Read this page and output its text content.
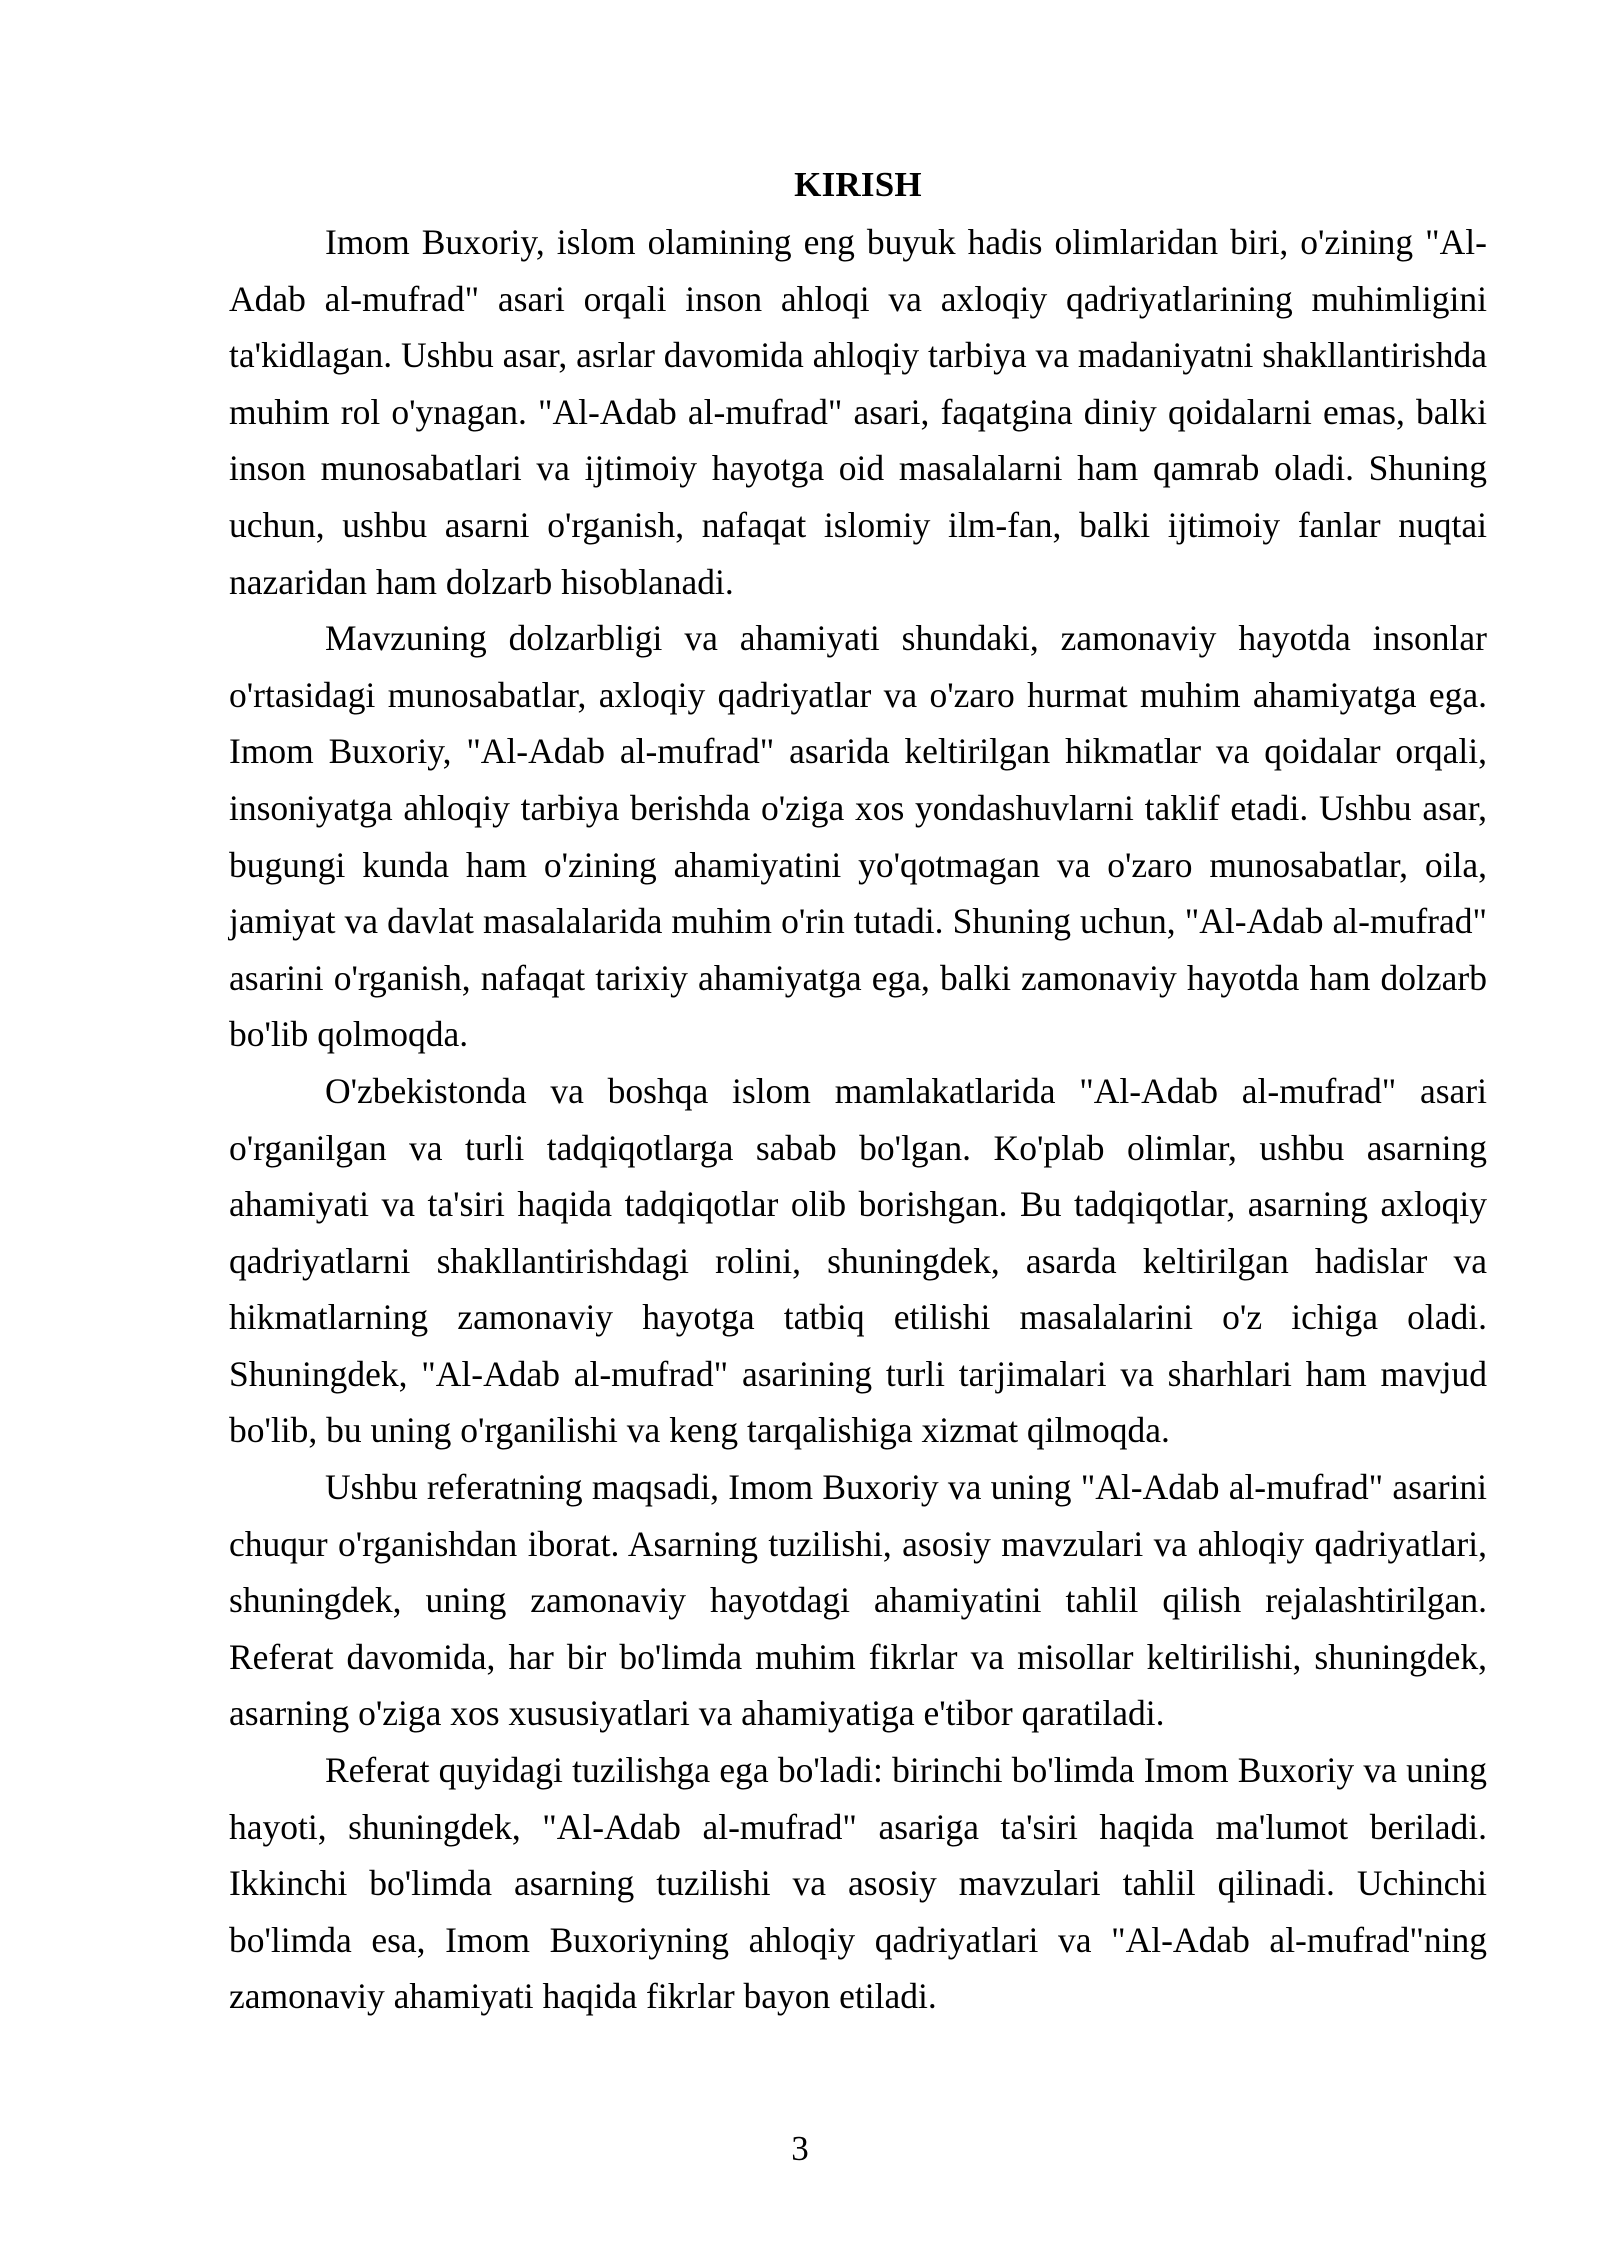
KIRISH

Imom Buxoriy, islom olamining eng buyuk hadis olimlaridan biri, o'zining "Al-Adab al-mufrad" asari orqali inson ahloqi va axloqiy qadriyatlarining muhimligini ta'kidlagan. Ushbu asar, asrlar davomida ahloqiy tarbiya va madaniyatni shakllantirishda muhim rol o'ynagan. "Al-Adab al-mufrad" asari, faqatgina diniy qoidalarni emas, balki inson munosabatlari va ijtimoiy hayotga oid masalalarni ham qamrab oladi. Shuning uchun, ushbu asarni o'rganish, nafaqat islomiy ilm-fan, balki ijtimoiy fanlar nuqtai nazaridan ham dolzarb hisoblanadi.

Mavzuning dolzarbligi va ahamiyati shundaki, zamonaviy hayotda insonlar o'rtasidagi munosabatlar, axloqiy qadriyatlar va o'zaro hurmat muhim ahamiyatga ega. Imom Buxoriy, "Al-Adab al-mufrad" asarida keltirilgan hikmatlar va qoidalar orqali, insoniyatga ahloqiy tarbiya berishda o'ziga xos yondashuvlarni taklif etadi. Ushbu asar, bugungi kunda ham o'zining ahamiyatini yo'qotmagan va o'zaro munosabatlar, oila, jamiyat va davlat masalalarida muhim o'rin tutadi. Shuning uchun, "Al-Adab al-mufrad" asarini o'rganish, nafaqat tarixiy ahamiyatga ega, balki zamonaviy hayotda ham dolzarb bo'lib qolmoqda.

O'zbekistonda va boshqa islom mamlakatlarida "Al-Adab al-mufrad" asari o'rganilgan va turli tadqiqotlarga sabab bo'lgan. Ko'plab olimlar, ushbu asarning ahamiyati va ta'siri haqida tadqiqotlar olib borishgan. Bu tadqiqotlar, asarning axloqiy qadriyatlarni shakllantirishdagi rolini, shuningdek, asarda keltirilgan hadislar va hikmatlarning zamonaviy hayotga tatbiq etilishi masalalarini o'z ichiga oladi. Shuningdek, "Al-Adab al-mufrad" asarining turli tarjimalari va sharhlari ham mavjud bo'lib, bu uning o'rganilishi va keng tarqalishiga xizmat qilmoqda.

Ushbu referatning maqsadi, Imom Buxoriy va uning "Al-Adab al-mufrad" asarini chuqur o'rganishdan iborat. Asarning tuzilishi, asosiy mavzulari va ahloqiy qadriyatlari, shuningdek, uning zamonaviy hayotdagi ahamiyatini tahlil qilish rejalashtirilgan. Referat davomida, har bir bo'limda muhim fikrlar va misollar keltirilishi, shuningdek, asarning o'ziga xos xususiyatlari va ahamiyatiga e'tibor qaratiladi.

Referat quyidagi tuzilishga ega bo'ladi: birinchi bo'limda Imom Buxoriy va uning hayoti, shuningdek, "Al-Adab al-mufrad" asariga ta'siri haqida ma'lumot beriladi. Ikkinchi bo'limda asarning tuzilishi va asosiy mavzulari tahlil qilinadi. Uchinchi bo'limda esa, Imom Buxoriyning ahloqiy qadriyatlari va "Al-Adab al-mufrad"ning zamonaviy ahamiyati haqida fikrlar bayon etiladi.

3
